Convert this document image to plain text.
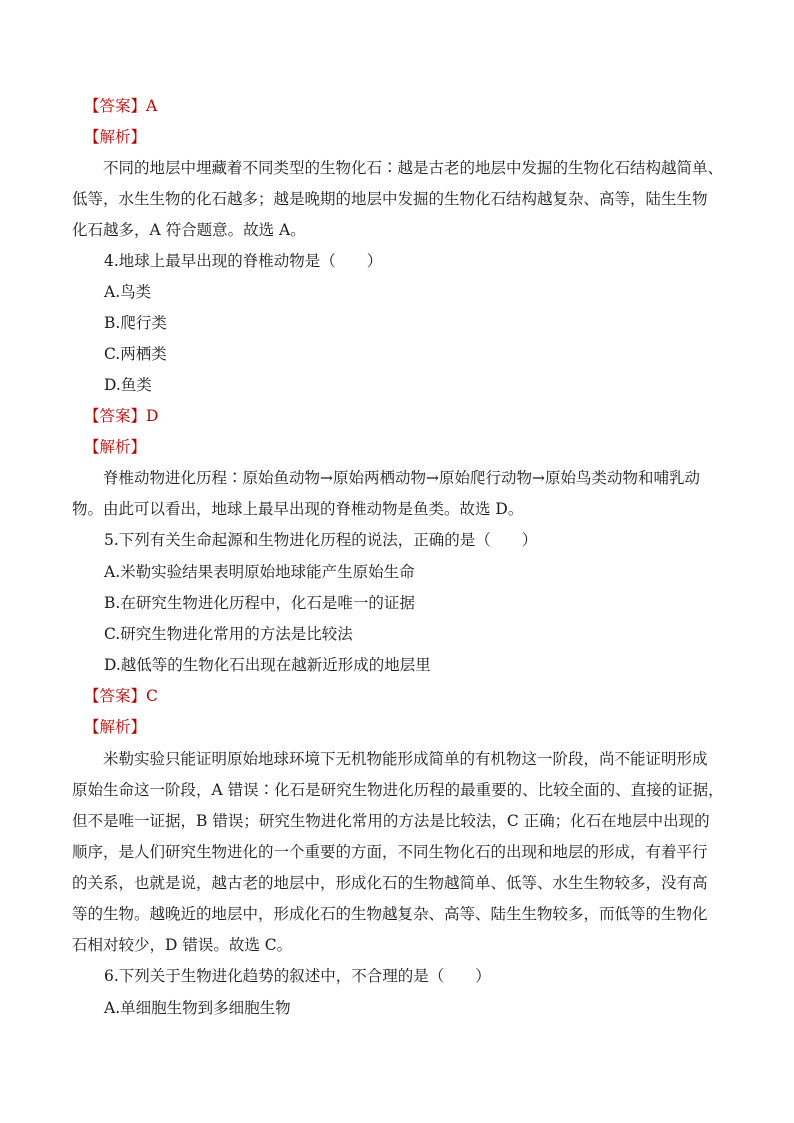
【答案】A
【解析】
不同的地层中埋藏着不同类型的生物化石∶越是古老的地层中发掘的生物化石结构越简单、
低等，水生生物的化石越多；越是晚期的地层中发掘的生物化石结构越复杂、高等，陆生生物
化石越多，A 符合题意。故选 A。
4.地球上最早出现的脊椎动物是（　　）
A.鸟类
B.爬行类
C.两栖类
D.鱼类
【答案】D
【解析】
脊椎动物进化历程∶原始鱼动物→原始两栖动物→原始爬行动物→原始鸟类动物和哺乳动
物。由此可以看出，地球上最早出现的脊椎动物是鱼类。故选 D。
5.下列有关生命起源和生物进化历程的说法，正确的是（　　）
A.米勒实验结果表明原始地球能产生原始生命
B.在研究生物进化历程中，化石是唯一的证据
C.研究生物进化常用的方法是比较法
D.越低等的生物化石出现在越新近形成的地层里
【答案】C
【解析】
米勒实验只能证明原始地球环境下无机物能形成简单的有机物这一阶段，尚不能证明形成
原始生命这一阶段，A 错误∶化石是研究生物进化历程的最重要的、比较全面的、直接的证据，
但不是唯一证据，B 错误；研究生物进化常用的方法是比较法，C 正确；化石在地层中出现的
顺序，是人们研究生物进化的一个重要的方面，不同生物化石的出现和地层的形成，有着平行
的关系，也就是说，越古老的地层中，形成化石的生物越简单、低等、水生生物较多，没有高
等的生物。越晚近的地层中，形成化石的生物越复杂、高等、陆生生物较多，而低等的生物化
石相对较少，D 错误。故选 C。
6.下列关于生物进化趋势的叙述中，不合理的是（　　）
A.单细胞生物到多细胞生物
